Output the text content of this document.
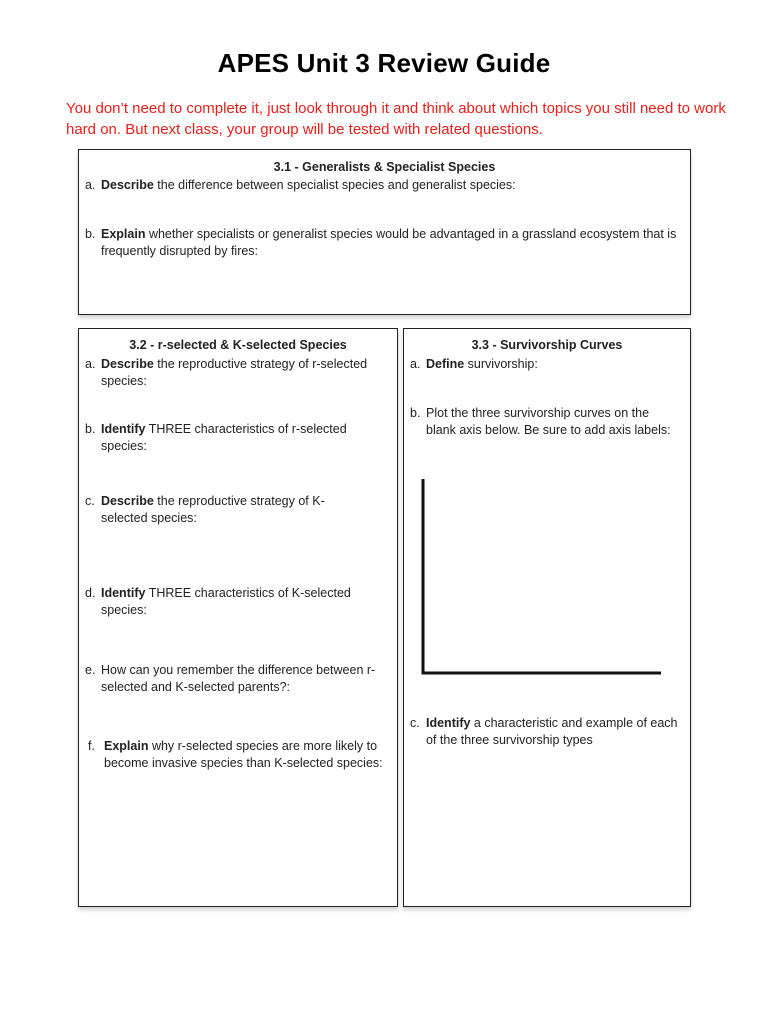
APES Unit 3 Review Guide
You don’t need to complete it, just look through it and think about which topics you still need to work hard on. But next class, your group will be tested with related questions.
3.1 - Generalists & Specialist Species
a. Describe the difference between specialist species and generalist species:
b. Explain whether specialists or generalist species would be advantaged in a grassland ecosystem that is frequently disrupted by fires:
3.2 - r-selected & K-selected Species
a. Describe the reproductive strategy of r-selected species:
b. Identify THREE characteristics of r-selected species:
c. Describe the reproductive strategy of K-selected species:
d. Identify THREE characteristics of K-selected species:
e. How can you remember the difference between r-selected and K-selected parents?:
f. Explain why r-selected species are more likely to become invasive species than K-selected species:
3.3 - Survivorship Curves
a. Define survivorship:
b. Plot the three survivorship curves on the blank axis below. Be sure to add axis labels:
c. Identify a characteristic and example of each of the three survivorship types
